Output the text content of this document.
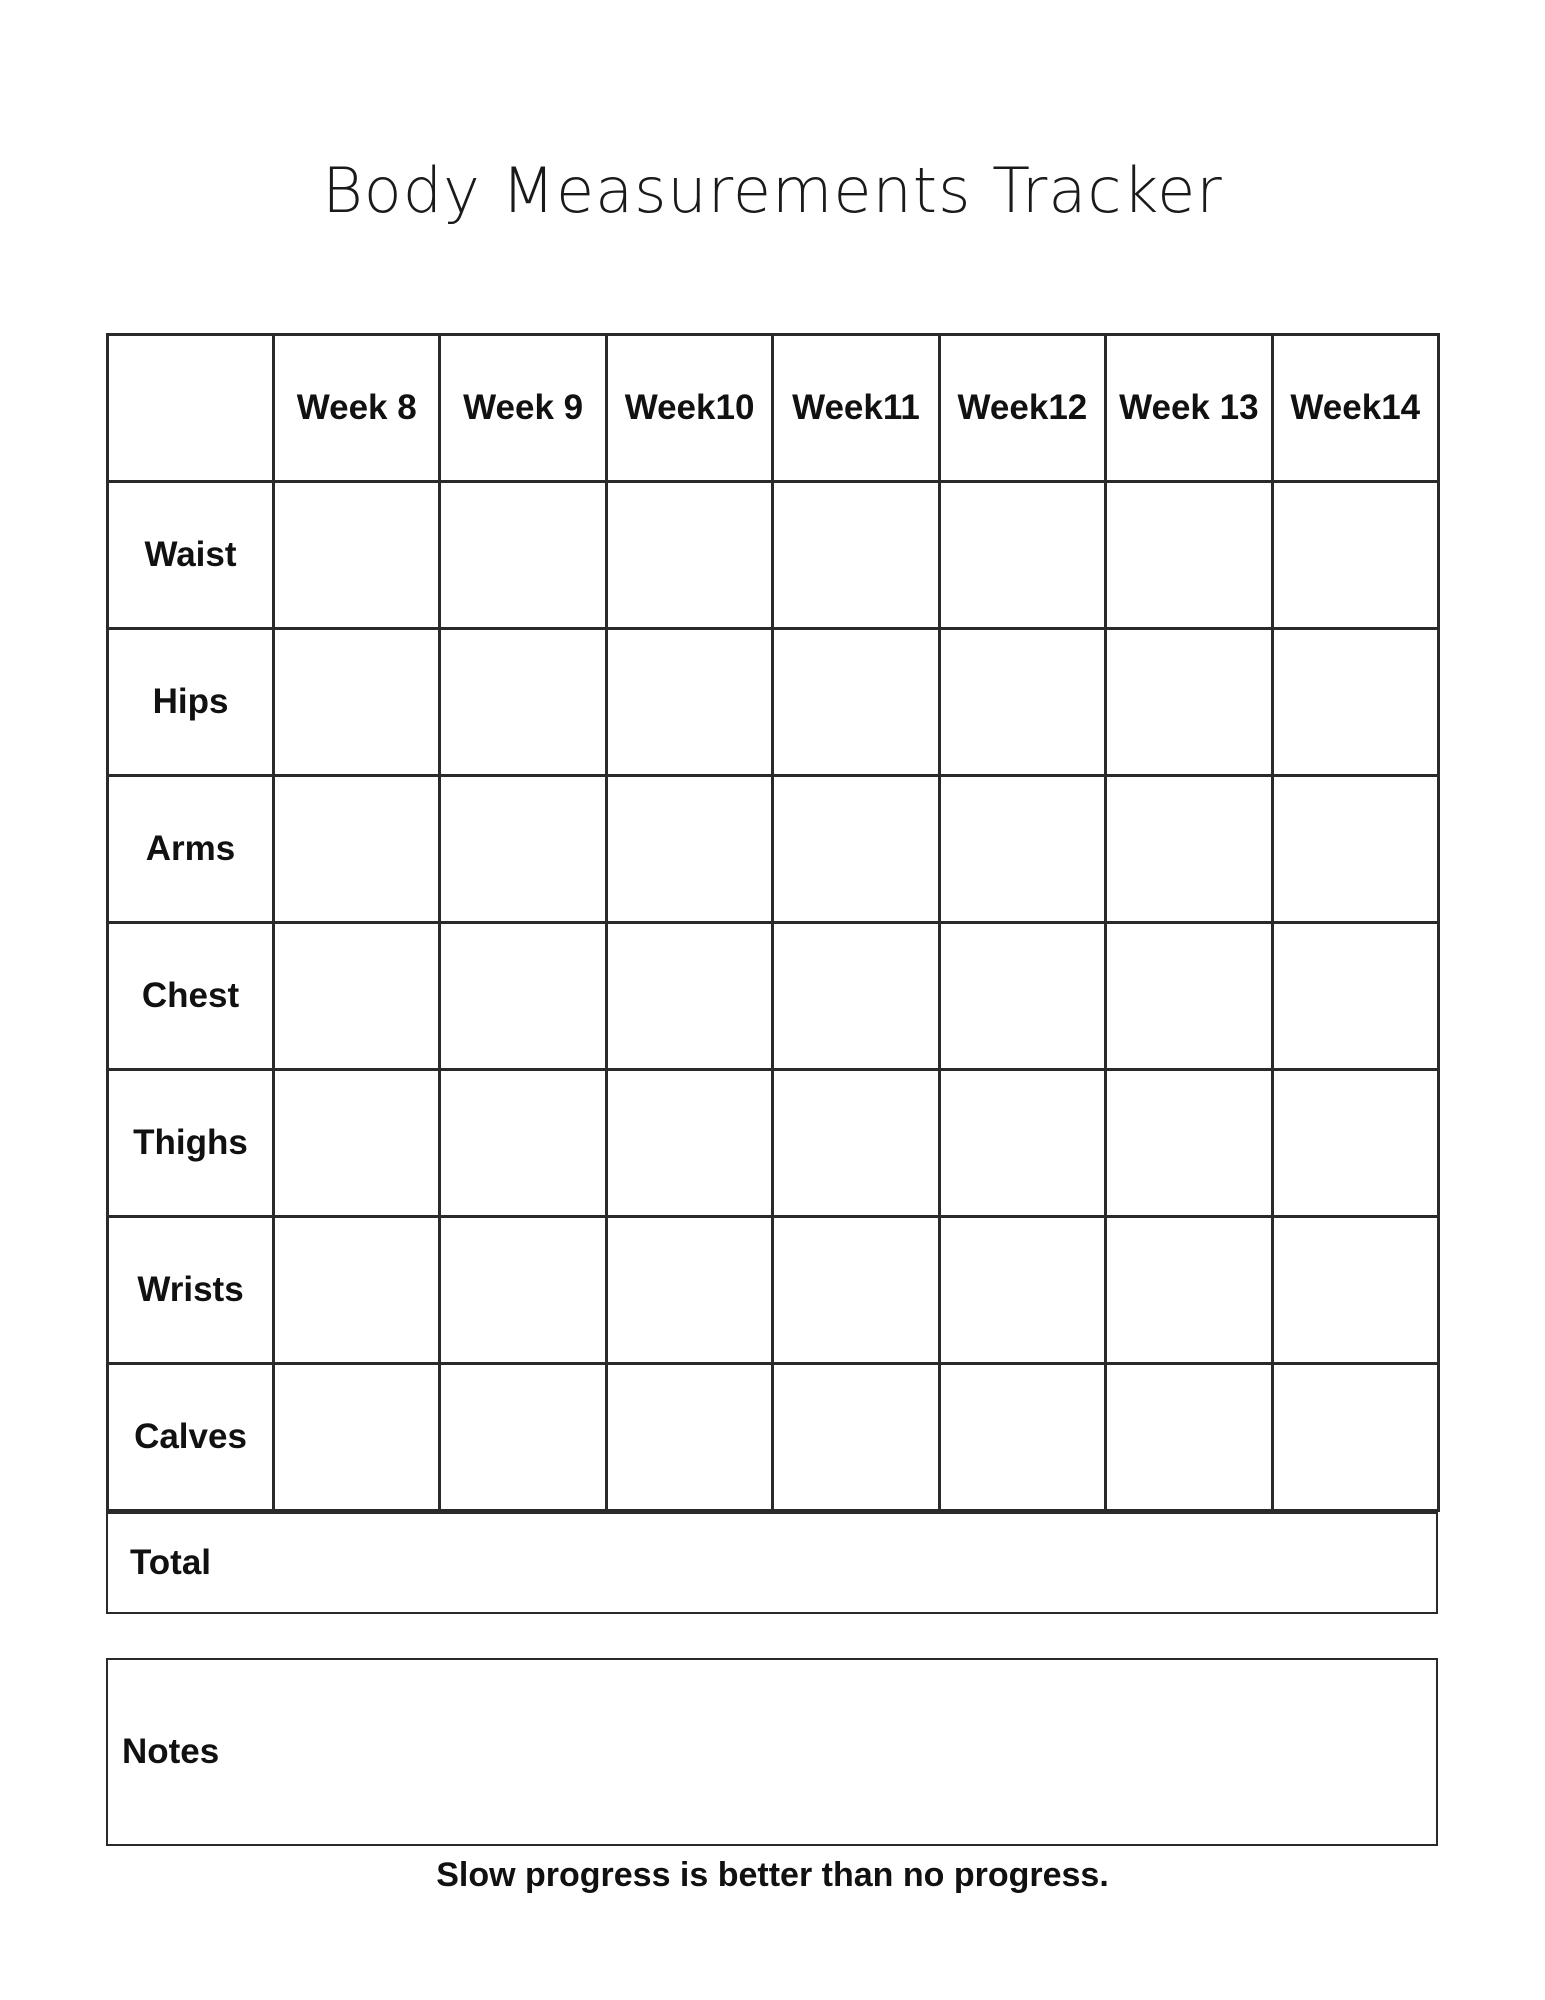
Body Measurements Tracker
	Week 8	Week 9	Week10	Week11	Week12	Week 13	Week14
Waist							
Hips							
Arms							
Chest							
Thighs							
Wrists							
Calves							
Total
Notes
Slow progress is better than no progress.
